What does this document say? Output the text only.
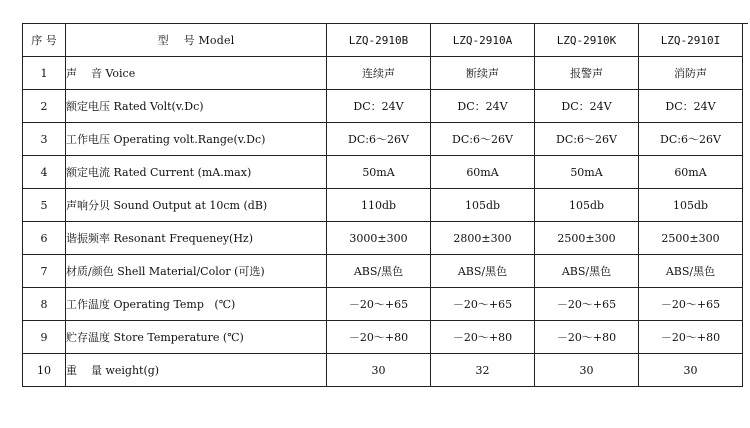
序 号	型    号 Model	LZQ-2910B	LZQ-2910A	LZQ-2910K	LZQ-2910I
1	声    音 Voice	连续声	断续声	报警声	消防声
2	额定电压 Rated Volt(v.Dc)	DC：24V	DC：24V	DC：24V	DC：24V
3	工作电压 Operating volt.Range(v.Dc)	DC:6～26V	DC:6～26V	DC:6～26V	DC:6～26V
4	额定电流 Rated Current (mA.max)	50mA	60mA	50mA	60mA
5	声响分贝 Sound Output at 10cm (dB)	110db	105db	105db	105db
6	谐振频率 Resonant Frequeney(Hz)	3000±300	2800±300	2500±300	2500±300
7	材质/颜色 Shell Material/Color (可选)	ABS/黑色	ABS/黑色	ABS/黑色	ABS/黑色
8	工作温度 Operating Temp   (℃)	－20～+65	－20～+65	－20～+65	－20～+65
9	贮存温度 Store Temperature (℃)	－20～+80	－20～+80	－20～+80	－20～+80
10	重    量 weight(g)	30	32	30	30
